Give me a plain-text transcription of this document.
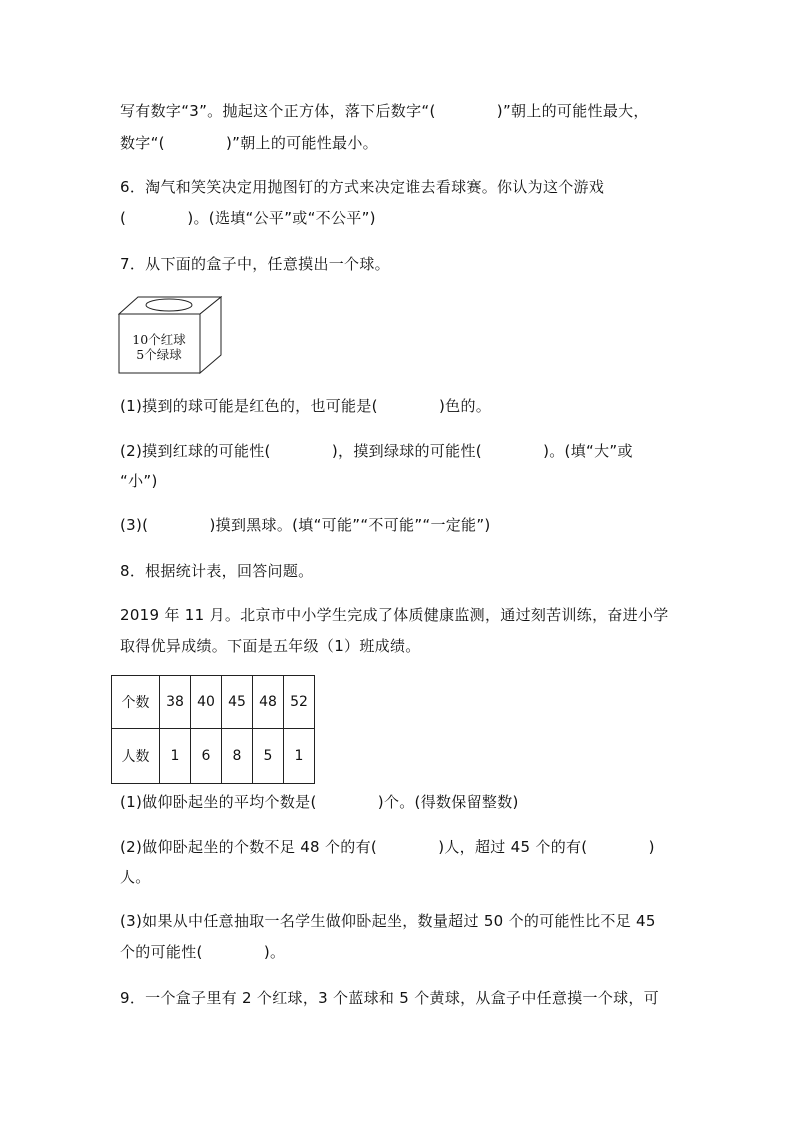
写有数字“3”。抛起这个正方体，落下后数字“(　　　　)”朝上的可能性最大，
数字“(　　　　)”朝上的可能性最小。
6．淘气和笑笑决定用抛图钉的方式来决定谁去看球赛。你认为这个游戏
(　　　　)。(选填“公平”或“不公平”)
7．从下面的盒子中，任意摸出一个球。
10个红球
5个绿球
(1)摸到的球可能是红色的，也可能是(　　　　)色的。
(2)摸到红球的可能性(　　　　)，摸到绿球的可能性(　　　　)。(填“大”或
“小”)
(3)(　　　　)摸到黑球。(填“可能”“不可能”“一定能”)
8．根据统计表，回答问题。
2019 年 11 月。北京市中小学生完成了体质健康监测，通过刻苦训练，奋进小学
取得优异成绩。下面是五年级（1）班成绩。
个数	38	40	45	48	52
人数	1	6	8	5	1
(1)做仰卧起坐的平均个数是(　　　　)个。(得数保留整数)
(2)做仰卧起坐的个数不足 48 个的有(　　　　)人，超过 45 个的有(　　　　)
人。
(3)如果从中任意抽取一名学生做仰卧起坐，数量超过 50 个的可能性比不足 45
个的可能性(　　　　)。
9．一个盒子里有 2 个红球，3 个蓝球和 5 个黄球，从盒子中任意摸一个球，可
